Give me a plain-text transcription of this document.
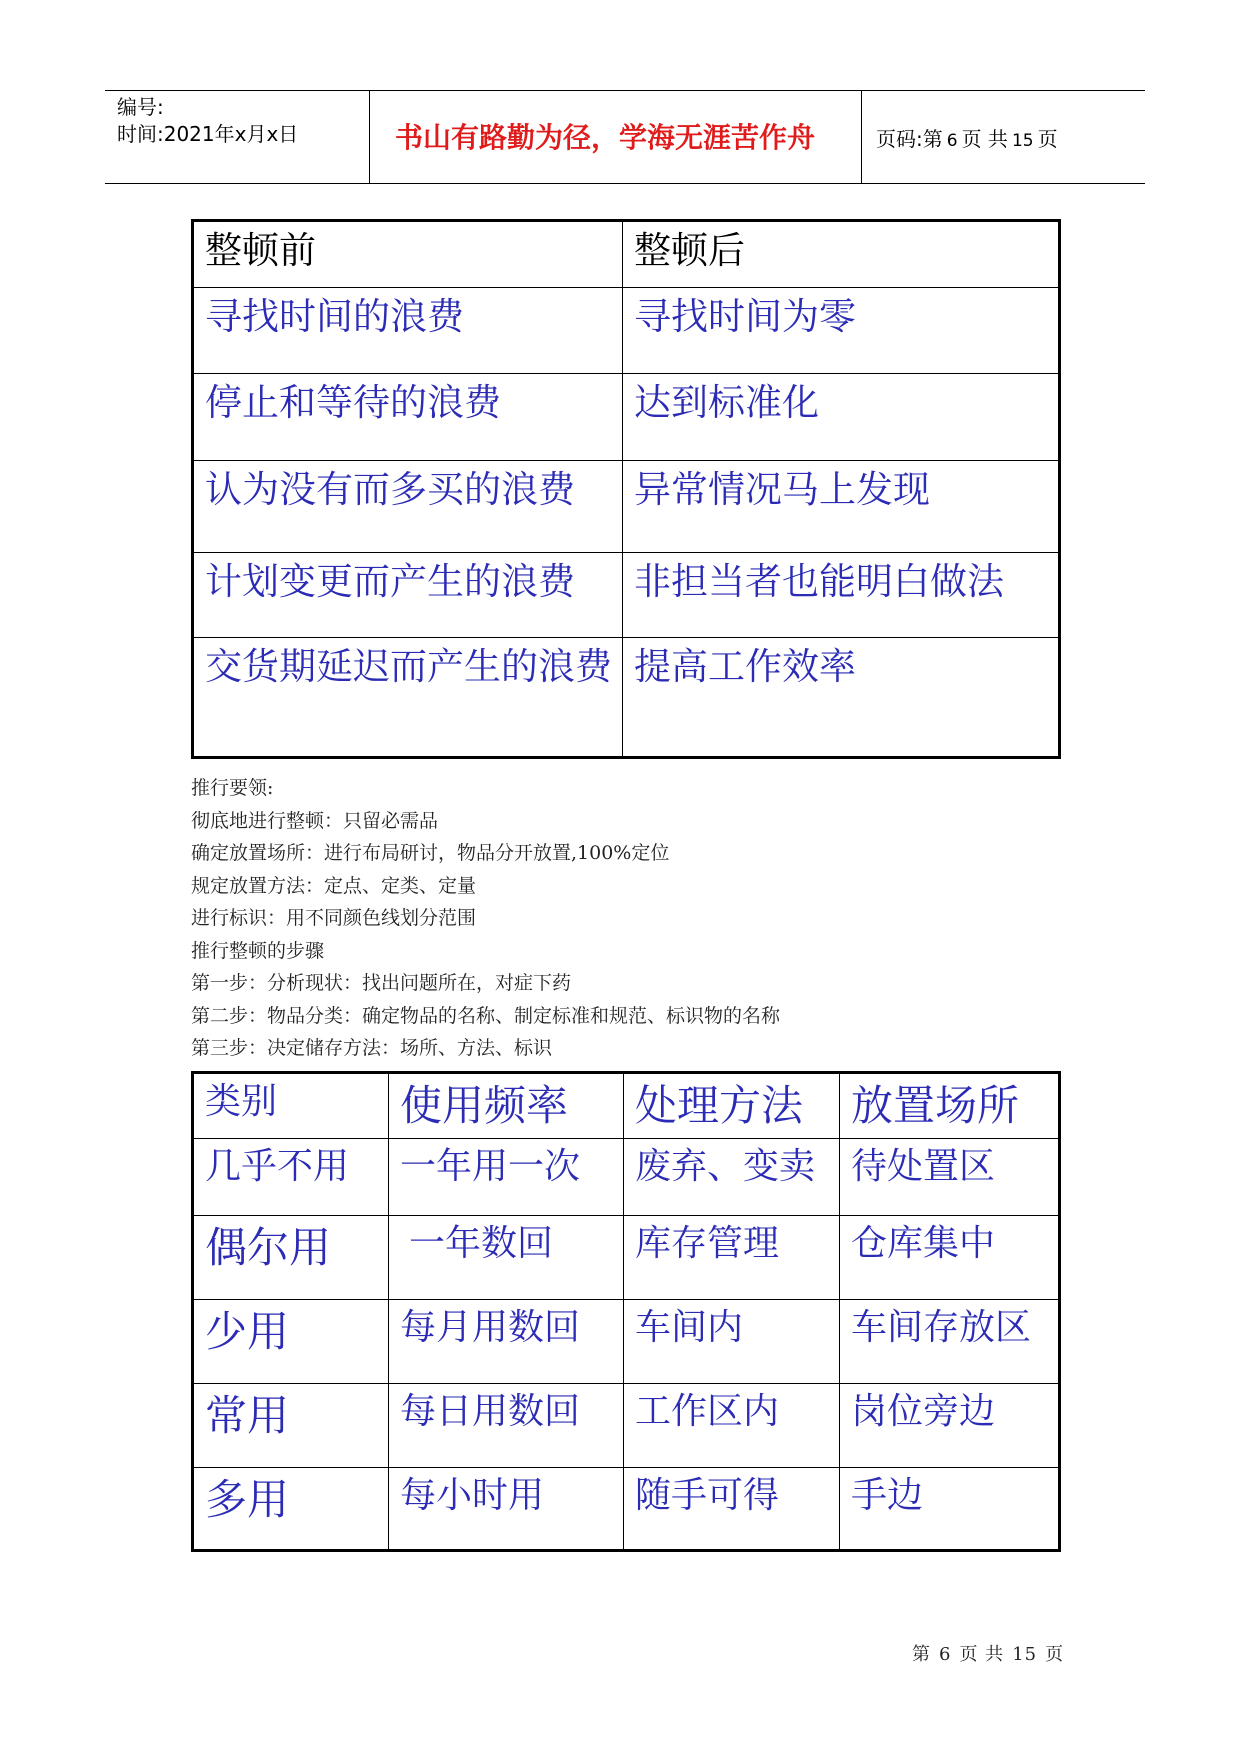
编号:
时间:2021年x月x日	书山有路勤为径，学海无涯苦作舟	页码:第 6 页 共 15 页
整顿前	整顿后
寻找时间的浪费	寻找时间为零
停止和等待的浪费	达到标准化
认为没有而多买的浪费	异常情况马上发现
计划变更而产生的浪费	非担当者也能明白做法
交货期延迟而产生的浪费	提高工作效率
推行要领:
彻底地进行整顿：只留必需品
确定放置场所：进行布局研讨，物品分开放置,100%定位
规定放置方法：定点、定类、定量
进行标识：用不同颜色线划分范围
推行整顿的步骤
第一步：分析现状：找出问题所在，对症下药
第二步：物品分类：确定物品的名称、制定标准和规范、标识物的名称
第三步：决定储存方法：场所、方法、标识
类别	使用频率	处理方法	放置场所
几乎不用	一年用一次	废弃、变卖	待处置区
偶尔用	一年数回	库存管理	仓库集中
少用	每月用数回	车间内	车间存放区
常用	每日用数回	工作区内	岗位旁边
多用	每小时用	随手可得	手边
第 6 页 共 15 页
